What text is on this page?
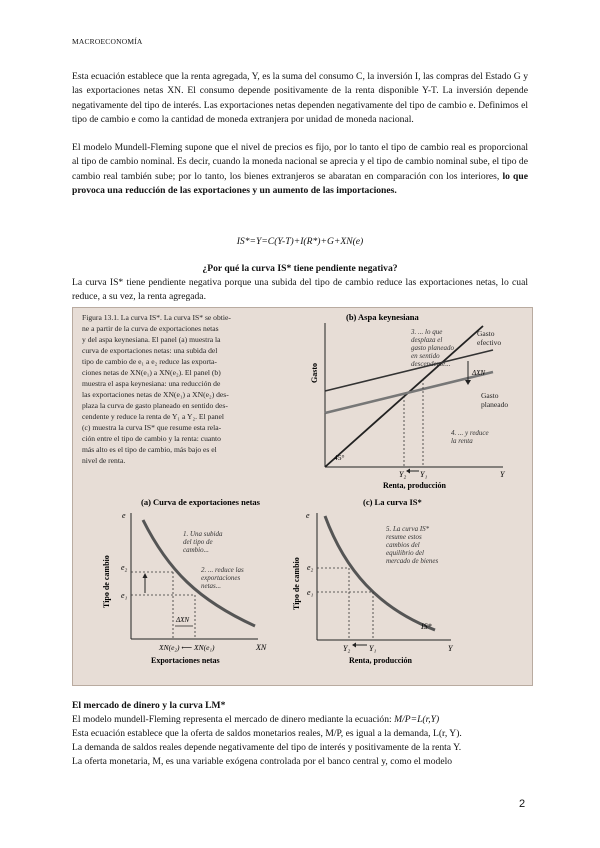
MACROECONOMÍA

Esta ecuación establece que la renta agregada, Y, es la suma del consumo C, la inversión I, las compras del Estado G y las exportaciones netas XN. El consumo depende positivamente de la renta disponible Y-T. La inversión depende negativamente del tipo de interés. Las exportaciones netas dependen negativamente del tipo de cambio e. Definimos el tipo de cambio e como la cantidad de moneda extranjera por unidad de moneda nacional.

El modelo Mundell-Fleming supone que el nivel de precios es fijo, por lo tanto el tipo de cambio real es proporcional al tipo de cambio nominal. Es decir, cuando la moneda nacional se aprecia y el tipo de cambio nominal sube, el tipo de cambio real también sube; por lo tanto, los bienes extranjeros se abaratan en comparación con los interiores, lo que provoca una reducción de las exportaciones y un aumento de las importaciones.

IS*=Y=C(Y-T)+I(R*)+G+XN(e)
¿Por qué la curva IS* tiene pendiente negativa?

La curva IS* tiene pendiente negativa porque una subida del tipo de cambio reduce las exportaciones netas, lo cual reduce, a su vez, la renta agregada.

Figura 13.1. La curva IS*. La curva IS* se obtie-
ne a partir de la curva de exportaciones netas
y del aspa keynesiana. El panel (a) muestra la
curva de exportaciones netas: una subida del
tipo de cambio de e₁ a e₂ reduce las exporta-
ciones netas de XN(e₁) a XN(e₂). El panel (b)
muestra el aspa keynesiana: una reducción de
las exportaciones netas de XN(e₁) a XN(e₂) des-
plaza la curva de gasto planeado en sentido des-
cendente y reduce la renta de Y₁ a Y₂. El panel
(c) muestra la curva IS* que resume esta rela-
ción entre el tipo de cambio y la renta: cuanto
más alto es el tipo de cambio, más bajo es el
nivel de renta.
(b) Aspa keynesiana
Gasto	ΔXN
3. ... lo que
desplaza el
gasto planeado
en sentido
descendente...
Gasto
efectivo
Gasto
planeado
4. ... y reduce
la renta
45°
Y₂ Y₁	Y
Renta, producción
(a) Curva de exportaciones netas
Tipo de cambio
e
e₂
e₁
1. Una subida
del tipo de
cambio...
2. ... reduce las
exportaciones
netas...
ΔXN
XN(e₂) ⟵ XN(e₁)	XN
Exportaciones netas
(c) La curva IS*
Tipo de cambio
e
e₂
e₁
5. La curva IS*
resume estos
cambios del
equilibrio del
mercado de bienes
IS*
Y₂ Y₁	Y
Renta, producción
El mercado de dinero y la curva LM*

El modelo mundell-Fleming representa el mercado de dinero mediante la ecuación: M/P=L(r,Y)

Esta ecuación establece que la oferta de saldos monetarios reales, M/P, es igual a la demanda, L(r, Y).

La demanda de saldos reales depende negativamente del tipo de interés y positivamente de la renta Y.

La oferta monetaria, M, es una variable exógena controlada por el banco central y, como el modelo

2
